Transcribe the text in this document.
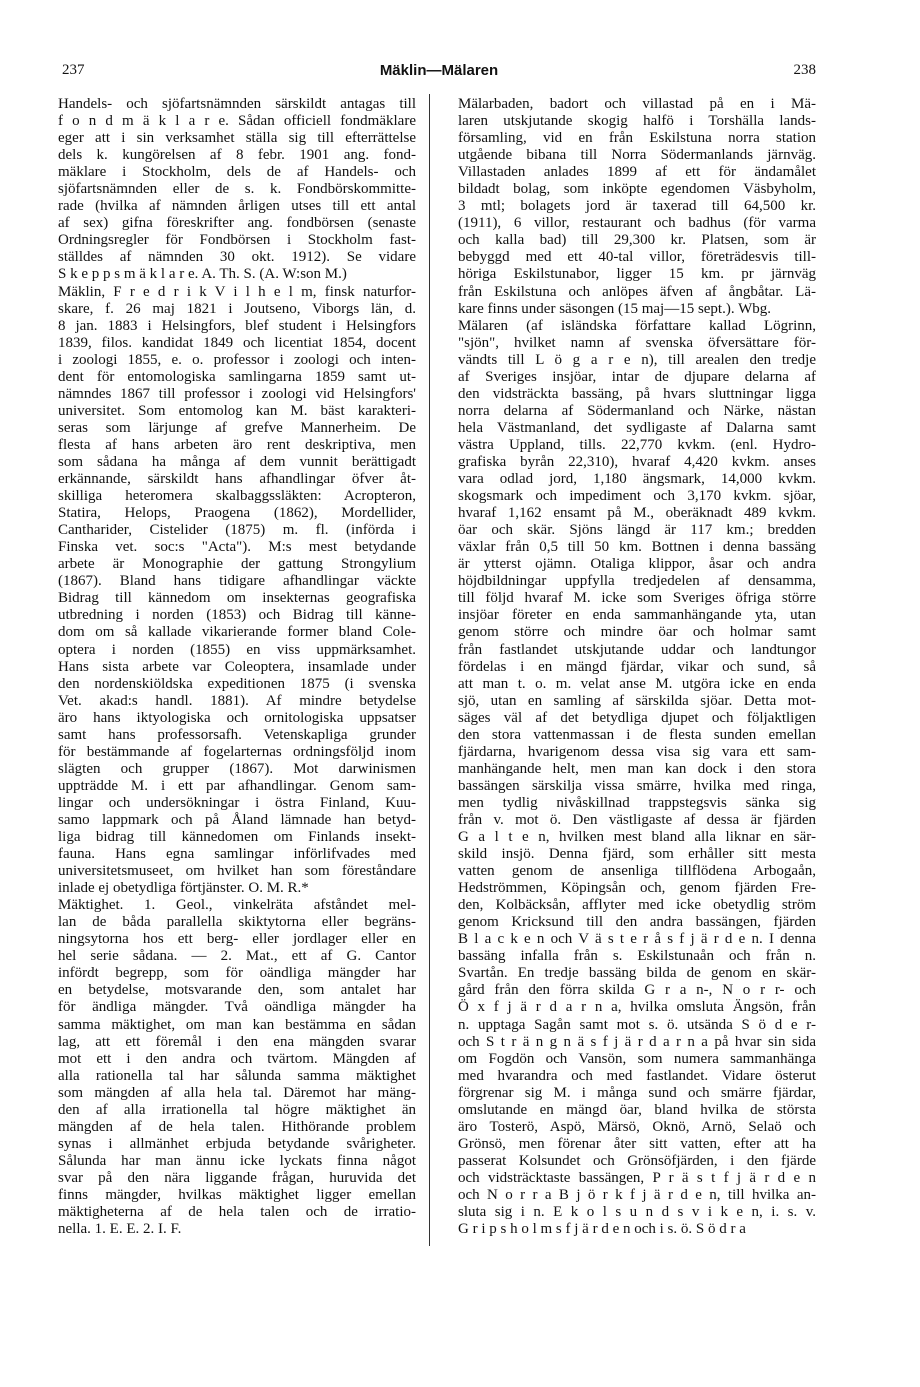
237	Mäklin—Mälaren	238
Handels- och sjöfartsnämnden särskildt antagas till
f o n d m ä k l a r e. Sådan officiell fondmäklare
eger att i sin verksamhet ställa sig till efterrättelse
dels k. kungörelsen af 8 febr. 1901 ang. fond-
mäklare i Stockholm, dels de af Handels- och
sjöfartsnämnden eller de s. k. Fondbörskommitte-
rade (hvilka af nämnden årligen utses till ett antal
af sex) gifna föreskrifter ang. fondbörsen (senaste
Ordningsregler för Fondbörsen i Stockholm fast-
ställdes af nämnden 30 okt. 1912). Se vidare
S k e p p s m ä k l a r e. A. Th. S. (A. W:son M.)
Mäklin, F r e d r i k V i l h e l m, finsk naturfor-
skare, f. 26 maj 1821 i Joutseno, Viborgs län, d.
8 jan. 1883 i Helsingfors, blef student i Helsingfors
1839, filos. kandidat 1849 och licentiat 1854, docent
i zoologi 1855, e. o. professor i zoologi och inten-
dent för entomologiska samlingarna 1859 samt ut-
nämndes 1867 till professor i zoologi vid Helsingfors'
universitet. Som entomolog kan M. bäst karakteri-
seras som lärjunge af grefve Mannerheim. De
flesta af hans arbeten äro rent deskriptiva, men
som sådana ha många af dem vunnit berättigadt
erkännande, särskildt hans afhandlingar öfver åt-
skilliga heteromera skalbaggssläkten: Acropteron,
Statira, Helops, Praogena (1862), Mordellider,
Cantharider, Cistelider (1875) m. fl. (införda i
Finska vet. soc:s "Acta"). M:s mest betydande
arbete är Monographie der gattung Strongylium
(1867). Bland hans tidigare afhandlingar väckte
Bidrag till kännedom om insekternas geografiska
utbredning i norden (1853) och Bidrag till känne-
dom om så kallade vikarierande former bland Cole-
optera i norden (1855) en viss uppmärksamhet.
Hans sista arbete var Coleoptera, insamlade under
den nordenskiöldska expeditionen 1875 (i svenska
Vet. akad:s handl. 1881). Af mindre betydelse
äro hans iktyologiska och ornitologiska uppsatser
samt hans professorsafh. Vetenskapliga grunder
för bestämmande af fogelarternas ordningsföljd inom
slägten och grupper (1867). Mot darwinismen
uppträdde M. i ett par afhandlingar. Genom sam-
lingar och undersökningar i östra Finland, Kuu-
samo lappmark och på Åland lämnade han betyd-
liga bidrag till kännedomen om Finlands insekt-
fauna. Hans egna samlingar införlifvades med
universitetsmuseet, om hvilket han som föreståndare
inlade ej obetydliga förtjänster. O. M. R.*
Mäktighet. 1. Geol., vinkelräta afståndet mel-
lan de båda parallella skiktytorna eller begräns-
ningsytorna hos ett berg- eller jordlager eller en
hel serie sådana. — 2. Mat., ett af G. Cantor
infördt begrepp, som för oändliga mängder har
en betydelse, motsvarande den, som antalet har
för ändliga mängder. Två oändliga mängder ha
samma mäktighet, om man kan bestämma en sådan
lag, att ett föremål i den ena mängden svarar
mot ett i den andra och tvärtom. Mängden af
alla rationella tal har sålunda samma mäktighet
som mängden af alla hela tal. Däremot har mäng-
den af alla irrationella tal högre mäktighet än
mängden af de hela talen. Hithörande problem
synas i allmänhet erbjuda betydande svårigheter.
Sålunda har man ännu icke lyckats finna något
svar på den nära liggande frågan, huruvida det
finns mängder, hvilkas mäktighet ligger emellan
mäktigheterna af de hela talen och de irratio-
nella. 1. E. E. 2. I. F.
Mälarbaden, badort och villastad på en i Mä-
laren utskjutande skogig halfö i Torshälla lands-
församling, vid en från Eskilstuna norra station
utgående bibana till Norra Södermanlands järnväg.
Villastaden anlades 1899 af ett för ändamålet
bildadt bolag, som inköpte egendomen Väsbyholm,
3 mtl; bolagets jord är taxerad till 64,500 kr.
(1911), 6 villor, restaurant och badhus (för varma
och kalla bad) till 29,300 kr. Platsen, som är
bebyggd med ett 40-tal villor, företrädesvis till-
höriga Eskilstunabor, ligger 15 km. pr järnväg
från Eskilstuna och anlöpes äfven af ångbåtar. Lä-
kare finns under säsongen (15 maj—15 sept.). Wbg.
Mälaren (af isländska författare kallad Lögrinn,
"sjön", hvilket namn af svenska öfversättare för-
vändts till L ö g a r e n), till arealen den tredje
af Sveriges insjöar, intar de djupare delarna af
den vidsträckta bassäng, på hvars sluttningar ligga
norra delarna af Södermanland och Närke, nästan
hela Västmanland, det sydligaste af Dalarna samt
västra Uppland, tills. 22,770 kvkm. (enl. Hydro-
grafiska byrån 22,310), hvaraf 4,420 kvkm. anses
vara odlad jord, 1,180 ängsmark, 14,000 kvkm.
skogsmark och impediment och 3,170 kvkm. sjöar,
hvaraf 1,162 ensamt på M., oberäknadt 489 kvkm.
öar och skär. Sjöns längd är 117 km.; bredden
växlar från 0,5 till 50 km. Bottnen i denna bassäng
är ytterst ojämn. Otaliga klippor, åsar och andra
höjdbildningar uppfylla tredjedelen af densamma,
till följd hvaraf M. icke som Sveriges öfriga större
insjöar företer en enda sammanhängande yta, utan
genom större och mindre öar och holmar samt
från fastlandet utskjutande uddar och landtungor
fördelas i en mängd fjärdar, vikar och sund, så
att man t. o. m. velat anse M. utgöra icke en enda
sjö, utan en samling af särskilda sjöar. Detta mot-
säges väl af det betydliga djupet och följaktligen
den stora vattenmassan i de flesta sunden emellan
fjärdarna, hvarigenom dessa visa sig vara ett sam-
manhängande helt, men man kan dock i den stora
bassängen särskilja vissa smärre, hvilka med ringa,
men tydlig nivåskillnad trappstegsvis sänka sig
från v. mot ö. Den västligaste af dessa är fjärden
G a l t e n, hvilken mest bland alla liknar en sär-
skild insjö. Denna fjärd, som erhåller sitt mesta
vatten genom de ansenliga tillflödena Arbogaån,
Hedströmmen, Köpingsån och, genom fjärden Fre-
den, Kolbäcksån, afflyter med icke obetydlig ström
genom Kricksund till den andra bassängen, fjärden
B l a c k e n och V ä s t e r å s f j ä r d e n. I denna
bassäng infalla från s. Eskilstunaån och från n.
Svartån. En tredje bassäng bilda de genom en skär-
gård från den förra skilda G r a n-, N o r r- och
Ö x f j ä r d a r n a, hvilka omsluta Ängsön, från
n. upptaga Sagån samt mot s. ö. utsända S ö d e r-
och S t r ä n g n ä s f j ä r d a r n a på hvar sin sida
om Fogdön och Vansön, som numera sammanhänga
med hvarandra och med fastlandet. Vidare österut
förgrenar sig M. i många sund och smärre fjärdar,
omslutande en mängd öar, bland hvilka de största
äro Tosterö, Aspö, Märsö, Oknö, Arnö, Selaö och
Grönsö, men förenar åter sitt vatten, efter att ha
passerat Kolsundet och Grönsöfjärden, i den fjärde
och vidsträcktaste bassängen, P r ä s t f j ä r d e n
och N o r r a B j ö r k f j ä r d e n, till hvilka an-
sluta sig i n. E k o l s u n d s v i k e n, i. s. v.
G r i p s h o l m s f j ä r d e n och i s. ö. S ö d r a
